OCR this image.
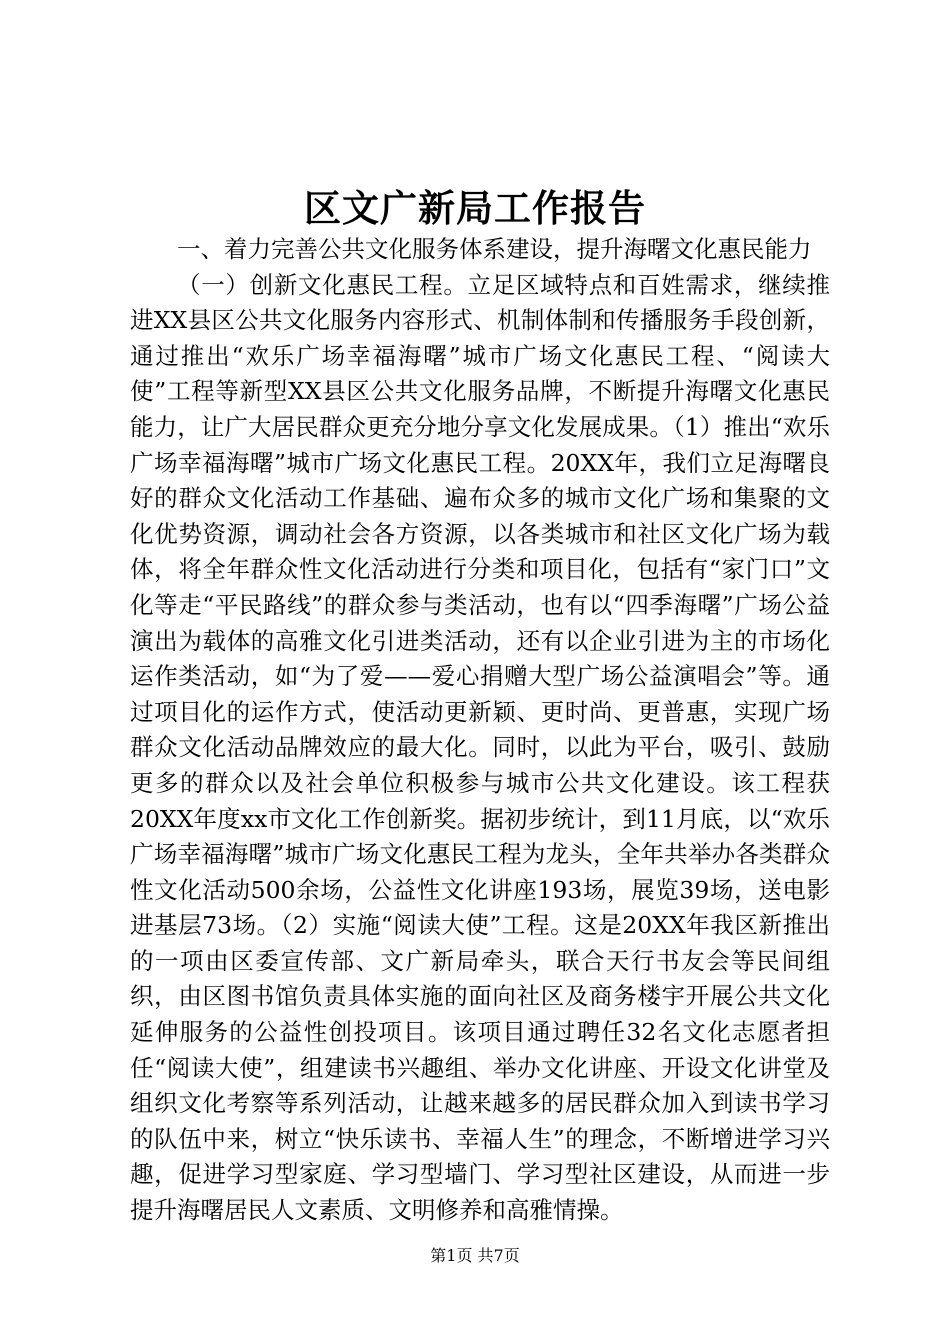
区文广新局工作报告

一、着力完善公共文化服务体系建设，提升海曙文化惠民能力

（一）创新文化惠民工程。立足区域特点和百姓需求，继续推进XX县区公共文化服务内容形式、机制体制和传播服务手段创新，通过推出“欢乐广场幸福海曙”城市广场文化惠民工程、“阅读大使”工程等新型XX县区公共文化服务品牌，不断提升海曙文化惠民能力，让广大居民群众更充分地分享文化发展成果。（1）推出“欢乐广场幸福海曙”城市广场文化惠民工程。20XX年，我们立足海曙良好的群众文化活动工作基础、遍布众多的城市文化广场和集聚的文化优势资源，调动社会各方资源，以各类城市和社区文化广场为载体，将全年群众性文化活动进行分类和项目化，包括有“家门口”文化等走“平民路线”的群众参与类活动，也有以“四季海曙”广场公益演出为载体的高雅文化引进类活动，还有以企业引进为主的市场化运作类活动，如“为了爱——爱心捐赠大型广场公益演唱会”等。通过项目化的运作方式，使活动更新颖、更时尚、更普惠，实现广场群众文化活动品牌效应的最大化。同时，以此为平台，吸引、鼓励更多的群众以及社会单位积极参与城市公共文化建设。该工程获20XX年度xx市文化工作创新奖。据初步统计，到11月底，以“欢乐广场幸福海曙”城市广场文化惠民工程为龙头，全年共举办各类群众性文化活动500余场，公益性文化讲座193场，展览39场，送电影进基层73场。（2）实施“阅读大使”工程。这是20XX年我区新推出的一项由区委宣传部、文广新局牵头，联合天行书友会等民间组织，由区图书馆负责具体实施的面向社区及商务楼宇开展公共文化延伸服务的公益性创投项目。该项目通过聘任32名文化志愿者担任“阅读大使”，组建读书兴趣组、举办文化讲座、开设文化讲堂及组织文化考察等系列活动，让越来越多的居民群众加入到读书学习的队伍中来，树立“快乐读书、幸福人生”的理念，不断增进学习兴趣，促进学习型家庭、学习型墙门、学习型社区建设，从而进一步提升海曙居民人文素质、文明修养和高雅情操。

第1页 共7页
